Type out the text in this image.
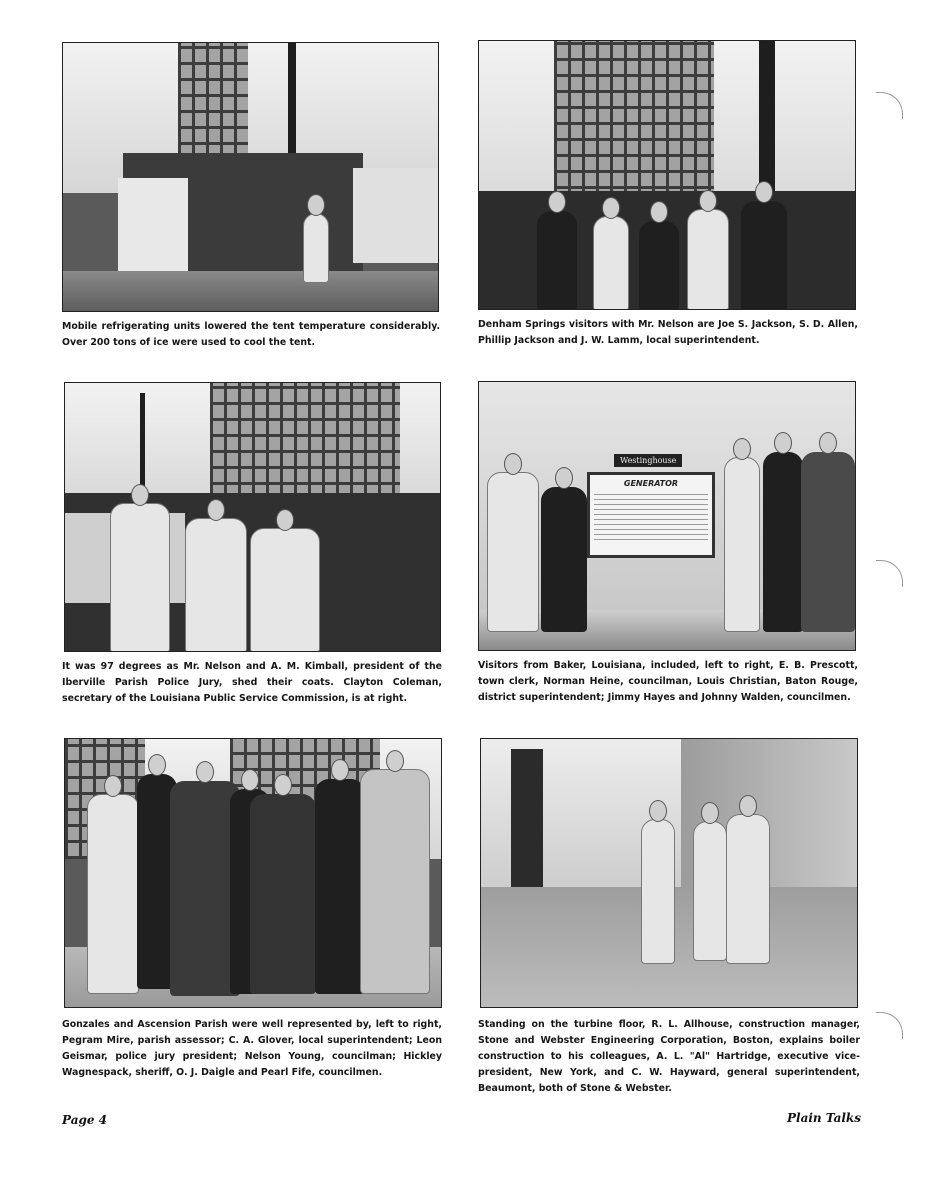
Mobile refrigerating units lowered the tent temperature considerably. Over 200 tons of ice were used to cool the tent.

Denham Springs visitors with Mr. Nelson are Joe S. Jackson, S. D. Allen, Phillip Jackson and J. W. Lamm, local superintendent.

It was 97 degrees as Mr. Nelson and A. M. Kimball, president of the Iberville Parish Police Jury, shed their coats. Clayton Coleman, secretary of the Louisiana Public Service Commission, is at right.

Westinghouse
GENERATOR

Visitors from Baker, Louisiana, included, left to right, E. B. Prescott, town clerk, Norman Heine, councilman, Louis Christian, Baton Rouge, district superintendent; Jimmy Hayes and Johnny Walden, councilmen.

Gonzales and Ascension Parish were well represented by, left to right, Pegram Mire, parish assessor; C. A. Glover, local superintendent; Leon Geismar, police jury president; Nelson Young, councilman; Hickley Wagnespack, sheriff, O. J. Daigle and Pearl Fife, councilmen.

Standing on the turbine floor, R. L. Allhouse, construction manager, Stone and Webster Engineering Corporation, Boston, explains boiler construction to his colleagues, A. L. "Al" Hartridge, executive vice-president, New York, and C. W. Hayward, general superintendent, Beaumont, both of Stone & Webster.

Page 4	Plain Talks
